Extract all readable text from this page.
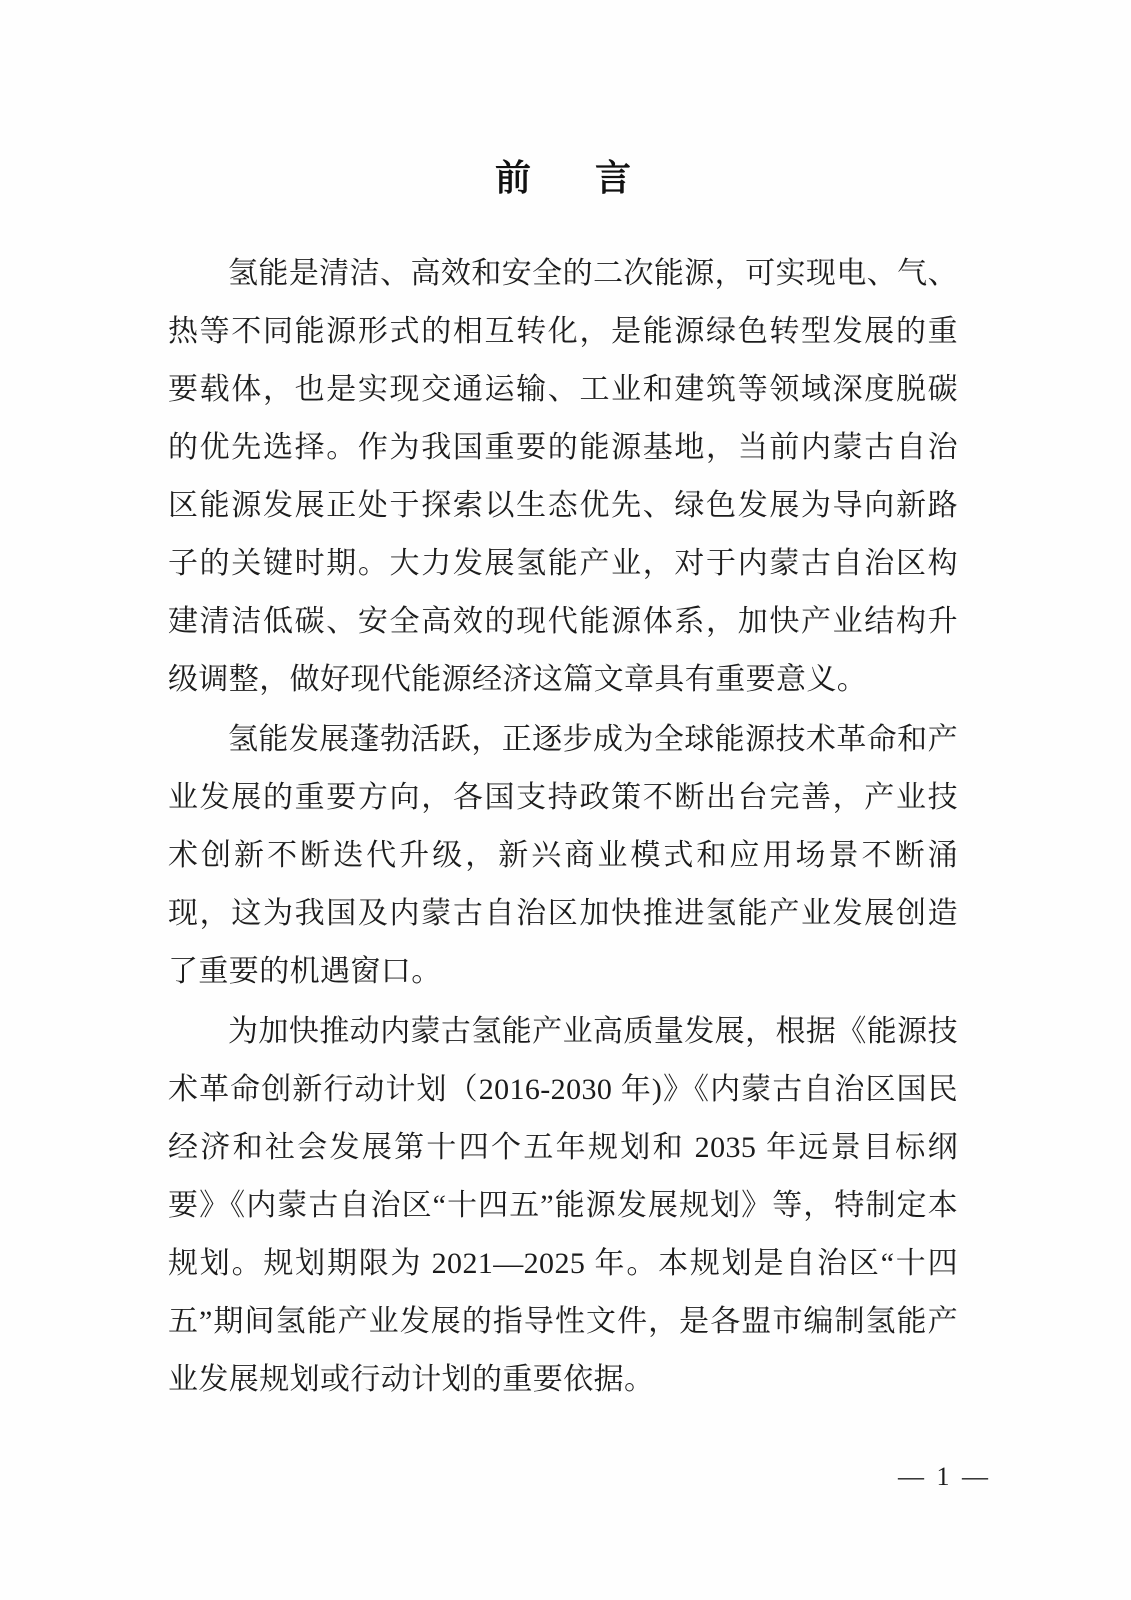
前　言

氢能是清洁、高效和安全的二次能源，可实现电、气、热等不同能源形式的相互转化，是能源绿色转型发展的重要载体，也是实现交通运输、工业和建筑等领域深度脱碳的优先选择。作为我国重要的能源基地，当前内蒙古自治区能源发展正处于探索以生态优先、绿色发展为导向新路子的关键时期。大力发展氢能产业，对于内蒙古自治区构建清洁低碳、安全高效的现代能源体系，加快产业结构升级调整，做好现代能源经济这篇文章具有重要意义。

氢能发展蓬勃活跃，正逐步成为全球能源技术革命和产业发展的重要方向，各国支持政策不断出台完善，产业技术创新不断迭代升级，新兴商业模式和应用场景不断涌现，这为我国及内蒙古自治区加快推进氢能产业发展创造了重要的机遇窗口。

为加快推动内蒙古氢能产业高质量发展，根据《能源技术革命创新行动计划（2016-2030 年)》《内蒙古自治区国民经济和社会发展第十四个五年规划和 2035 年远景目标纲要》《内蒙古自治区“十四五”能源发展规划》等，特制定本规划。规划期限为 2021—2025 年。本规划是自治区“十四五”期间氢能产业发展的指导性文件，是各盟市编制氢能产业发展规划或行动计划的重要依据。

— 1 —
